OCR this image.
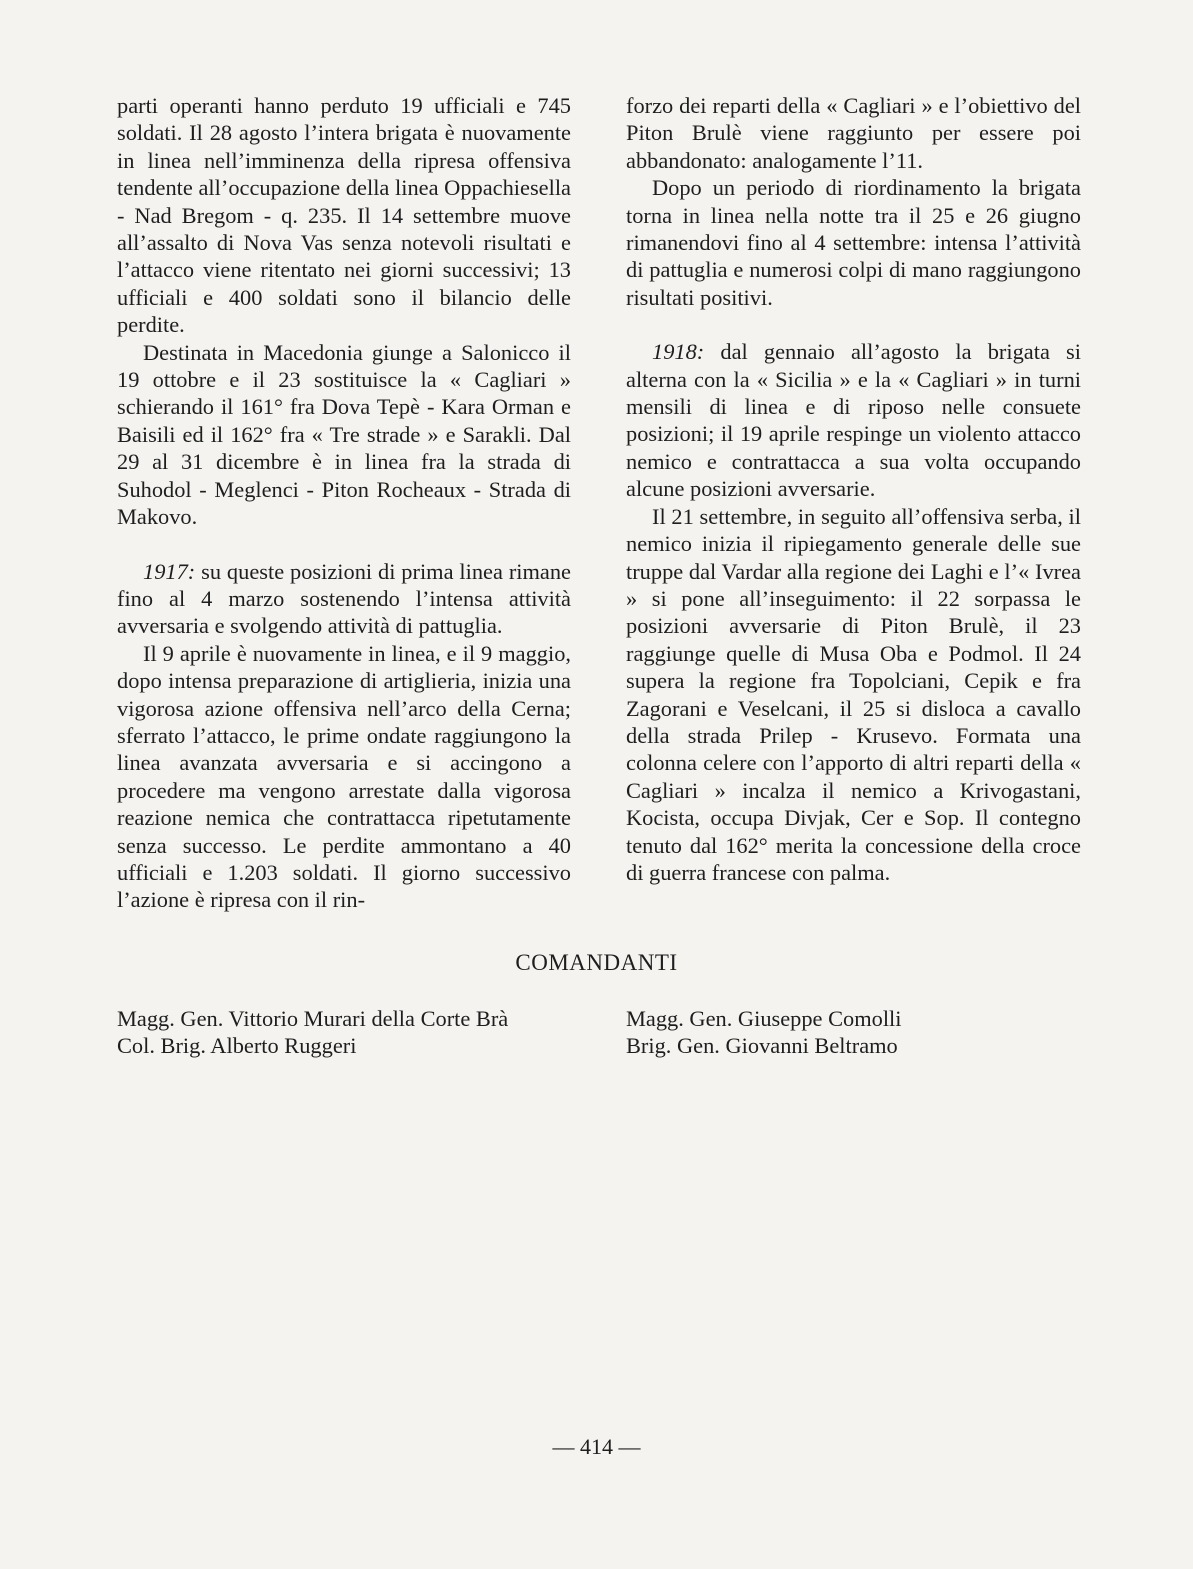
parti operanti hanno perduto 19 ufficiali e 745 soldati. Il 28 agosto l’intera brigata è nuovamente in linea nell’imminenza della ripresa offensiva tendente all’occupazione della linea Oppachiesella - Nad Bregom - q. 235. Il 14 settembre muove all’assalto di Nova Vas senza notevoli risultati e l’attacco viene ritentato nei giorni successivi; 13 ufficiali e 400 soldati sono il bilancio delle perdite.

Destinata in Macedonia giunge a Salonicco il 19 ottobre e il 23 sostituisce la « Cagliari » schierando il 161° fra Dova Tepè - Kara Orman e Baisili ed il 162° fra « Tre strade » e Sarakli. Dal 29 al 31 dicembre è in linea fra la strada di Suhodol - Meglenci - Piton Rocheaux - Strada di Makovo.

1917: su queste posizioni di prima linea rimane fino al 4 marzo sostenendo l’intensa attività avversaria e svolgendo attività di pattuglia.

Il 9 aprile è nuovamente in linea, e il 9 maggio, dopo intensa preparazione di artiglieria, inizia una vigorosa azione offensiva nell’arco della Cerna; sferrato l’attacco, le prime ondate raggiungono la linea avanzata avversaria e si accingono a procedere ma vengono arrestate dalla vigorosa reazione nemica che contrattacca ripetutamente senza successo. Le perdite ammontano a 40 ufficiali e 1.203 soldati. Il giorno successivo l’azione è ripresa con il rin-

forzo dei reparti della « Cagliari » e l’obiettivo del Piton Brulè viene raggiunto per essere poi abbandonato: analogamente l’11.

Dopo un periodo di riordinamento la brigata torna in linea nella notte tra il 25 e 26 giugno rimanendovi fino al 4 settembre: intensa l’attività di pattuglia e numerosi colpi di mano raggiungono risultati positivi.

1918: dal gennaio all’agosto la brigata si alterna con la « Sicilia » e la « Cagliari » in turni mensili di linea e di riposo nelle consuete posizioni; il 19 aprile respinge un violento attacco nemico e contrattacca a sua volta occupando alcune posizioni avversarie.

Il 21 settembre, in seguito all’offensiva serba, il nemico inizia il ripiegamento generale delle sue truppe dal Vardar alla regione dei Laghi e l’« Ivrea » si pone all’inseguimento: il 22 sorpassa le posizioni avversarie di Piton Brulè, il 23 raggiunge quelle di Musa Oba e Podmol. Il 24 supera la regione fra Topolciani, Cepik e fra Zagorani e Veselcani, il 25 si disloca a cavallo della strada Prilep - Krusevo. Formata una colonna celere con l’apporto di altri reparti della « Cagliari » incalza il nemico a Krivogastani, Kocista, occupa Divjak, Cer e Sop. Il contegno tenuto dal 162° merita la concessione della croce di guerra francese con palma.

COMANDANTI
Magg. Gen. Vittorio Murari della Corte Brà
Col. Brig. Alberto Ruggeri
Magg. Gen. Giuseppe Comolli
Brig. Gen. Giovanni Beltramo
— 414 —
